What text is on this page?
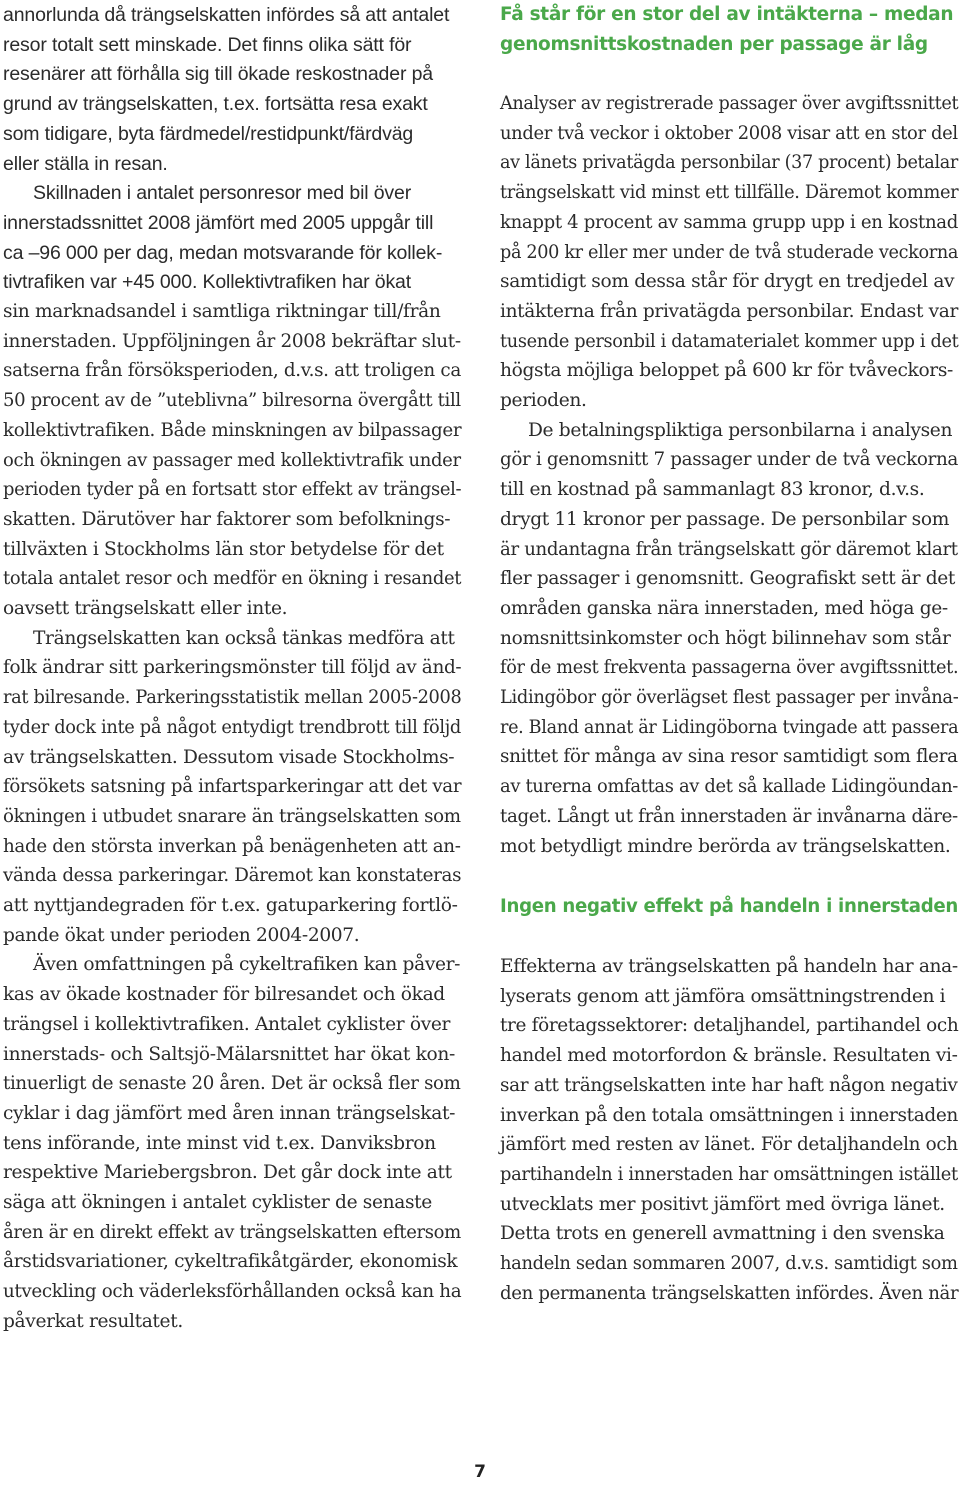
annorlunda då trängselskatten infördes så att antalet
resor totalt sett minskade. Det finns olika sätt för
resenärer att förhålla sig till ökade reskostnader på
grund av trängselskatten, t.ex. fortsätta resa exakt
som tidigare, byta färdmedel/restidpunkt/färdväg
eller ställa in resan.
Skillnaden i antalet personresor med bil över
innerstadssnittet 2008 jämfört med 2005 uppgår till
ca –96 000 per dag, medan motsvarande för kollek-
tivtrafiken var +45 000. Kollektivtrafiken har ökat
sin marknadsandel i samtliga riktningar till/från
innerstaden. Uppföljningen år 2008 bekräftar slut-
satserna från försöksperioden, d.v.s. att troligen ca
50 procent av de ”uteblivna” bilresorna övergått till
kollektivtrafiken. Både minskningen av bilpassager
och ökningen av passager med kollektivtrafik under
perioden tyder på en fortsatt stor effekt av trängsel-
skatten. Därutöver har faktorer som befolknings-
tillväxten i Stockholms län stor betydelse för det
totala antalet resor och medför en ökning i resandet
oavsett trängselskatt eller inte.
Trängselskatten kan också tänkas medföra att
folk ändrar sitt parkeringsmönster till följd av änd-
rat bilresande. Parkeringsstatistik mellan 2005-2008
tyder dock inte på något entydigt trendbrott till följd
av trängselskatten. Dessutom visade Stockholms-
försökets satsning på infartsparkeringar att det var
ökningen i utbudet snarare än trängselskatten som
hade den största inverkan på benägenheten att an-
vända dessa parkeringar. Däremot kan konstateras
att nyttjandegraden för t.ex. gatuparkering fortlö-
pande ökat under perioden 2004-2007.
Även omfattningen på cykeltrafiken kan påver-
kas av ökade kostnader för bilresandet och ökad
trängsel i kollektivtrafiken. Antalet cyklister över
innerstads- och Saltsjö-Mälarsnittet har ökat kon-
tinuerligt de senaste 20 åren. Det är också fler som
cyklar i dag jämfört med åren innan trängselskat-
tens införande, inte minst vid t.ex. Danviksbron
respektive Mariebergsbron. Det går dock inte att
säga att ökningen i antalet cyklister de senaste
åren är en direkt effekt av trängselskatten eftersom
årstidsvariationer, cykeltrafikåtgärder, ekonomisk
utveckling och väderleksförhållanden också kan ha
påverkat resultatet.
Få står för en stor del av intäkterna – medan
genomsnittskostnaden per passage är låg
Analyser av registrerade passager över avgiftssnittet
under två veckor i oktober 2008 visar att en stor del
av länets privatägda personbilar (37 procent) betalar
trängselskatt vid minst ett tillfälle. Däremot kommer
knappt 4 procent av samma grupp upp i en kostnad
på 200 kr eller mer under de två studerade veckorna
samtidigt som dessa står för drygt en tredjedel av
intäkterna från privatägda personbilar. Endast var
tusende personbil i datamaterialet kommer upp i det
högsta möjliga beloppet på 600 kr för tvåveckors-
perioden.
De betalningspliktiga personbilarna i analysen
gör i genomsnitt 7 passager under de två veckorna
till en kostnad på sammanlagt 83 kronor, d.v.s.
drygt 11 kronor per passage. De personbilar som
är undantagna från trängselskatt gör däremot klart
fler passager i genomsnitt. Geografiskt sett är det
områden ganska nära innerstaden, med höga ge-
nomsnittsinkomster och högt bilinnehav som står
för de mest frekventa passagerna över avgiftssnittet.
Lidingöbor gör överlägset flest passager per invåna-
re. Bland annat är Lidingöborna tvingade att passera
snittet för många av sina resor samtidigt som flera
av turerna omfattas av det så kallade Lidingöundan-
taget. Långt ut från innerstaden är invånarna däre-
mot betydligt mindre berörda av trängselskatten.
Ingen negativ effekt på handeln i innerstaden
Effekterna av trängselskatten på handeln har ana-
lyserats genom att jämföra omsättningstrenden i
tre företagssektorer: detaljhandel, partihandel och
handel med motorfordon & bränsle. Resultaten vi-
sar att trängselskatten inte har haft någon negativ
inverkan på den totala omsättningen i innerstaden
jämfört med resten av länet. För detaljhandeln och
partihandeln i innerstaden har omsättningen istället
utvecklats mer positivt jämfört med övriga länet.
Detta trots en generell avmattning i den svenska
handeln sedan sommaren 2007, d.v.s. samtidigt som
den permanenta trängselskatten infördes. Även när
7
